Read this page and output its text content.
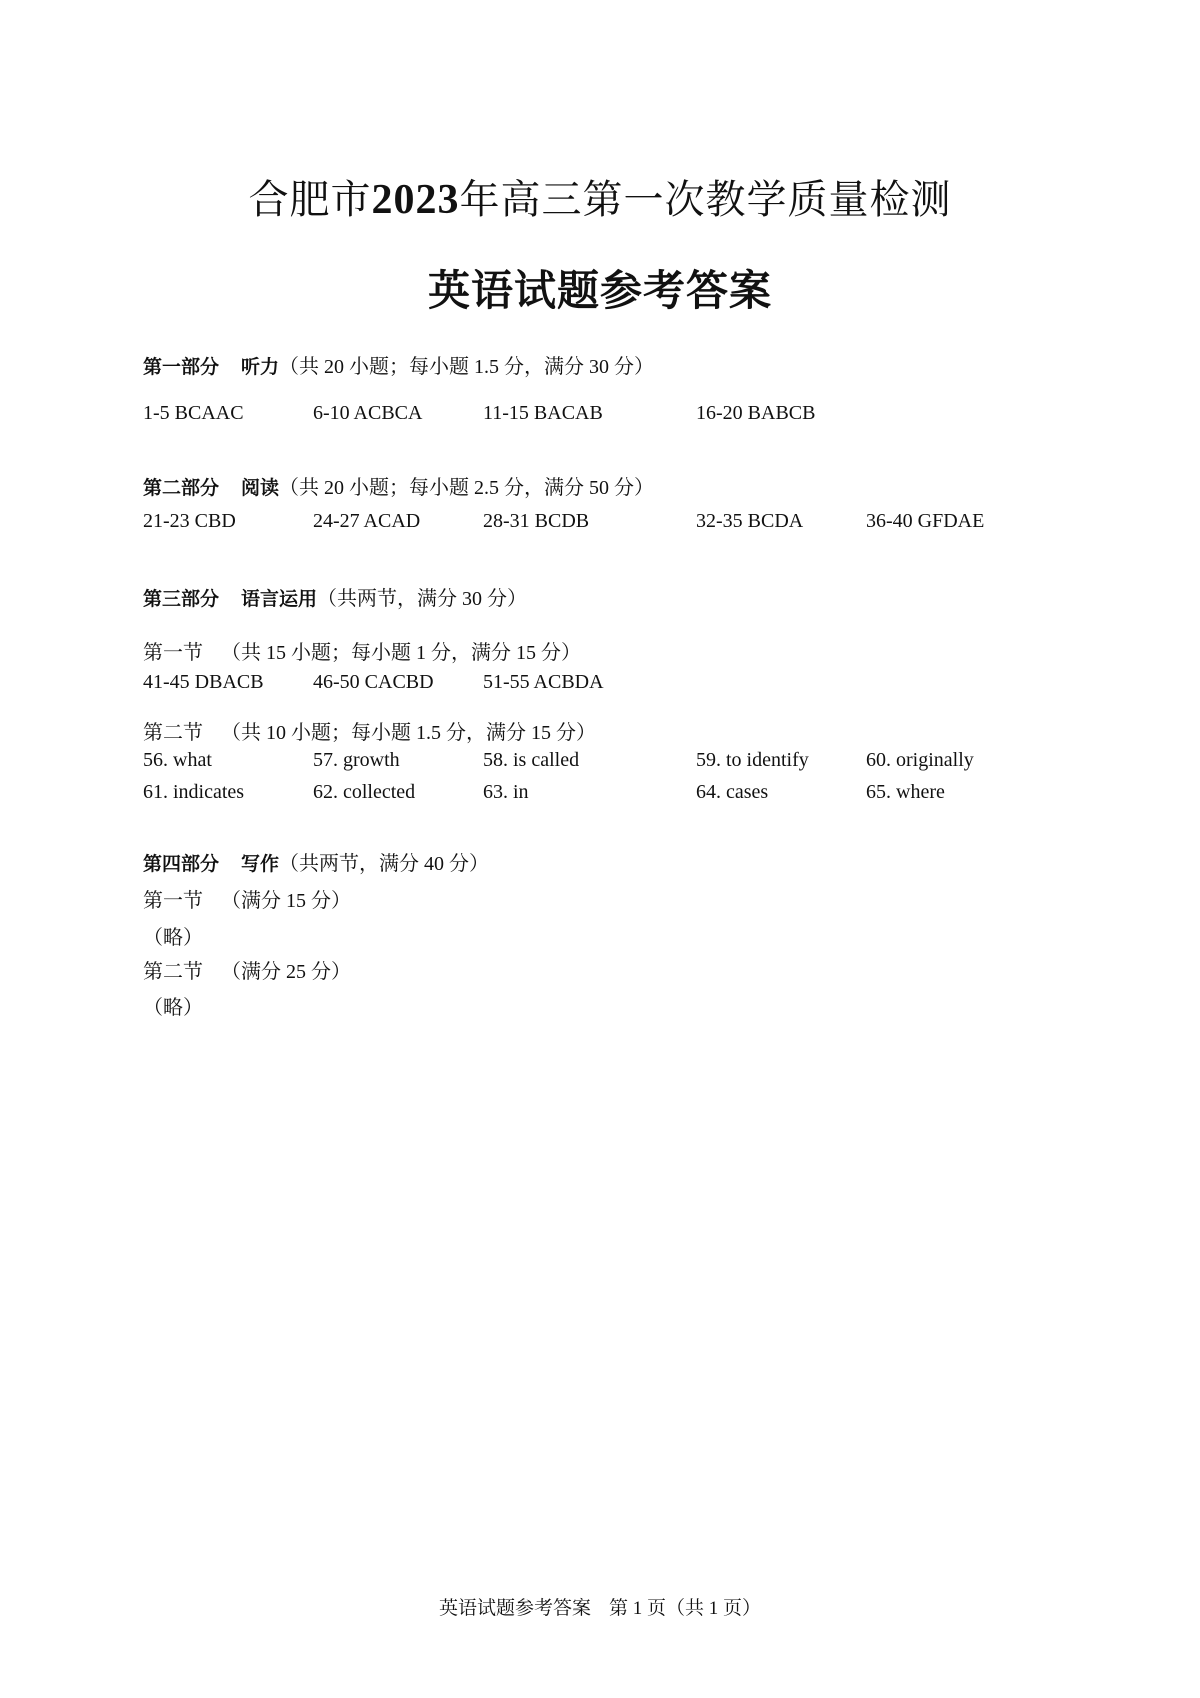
合肥市2023年高三第一次教学质量检测
英语试题参考答案
第一部分 听力（共 20 小题；每小题 1.5 分，满分 30 分）
1-5 BCAAC	6-10 ACBCA	11-15 BACAB	16-20 BABCB
第二部分 阅读（共 20 小题；每小题 2.5 分，满分 50 分）
21-23 CBD	24-27 ACAD	28-31 BCDB	32-35 BCDA	36-40 GFDAE
第三部分 语言运用（共两节，满分 30 分）
第一节 （共 15 小题；每小题 1 分，满分 15 分）
41-45 DBACB 46-50 CACBD 51-55 ACBDA
第二节 （共 10 小题；每小题 1.5 分，满分 15 分）
56. what	57. growth	58. is called	59. to identify	60. originally
61. indicates	62. collected	63. in	64. cases	65. where
第四部分 写作（共两节，满分 40 分）
第一节 （满分 15 分）
（略）
第二节 （满分 25 分）
（略）
英语试题参考答案 第 1 页（共 1 页）
